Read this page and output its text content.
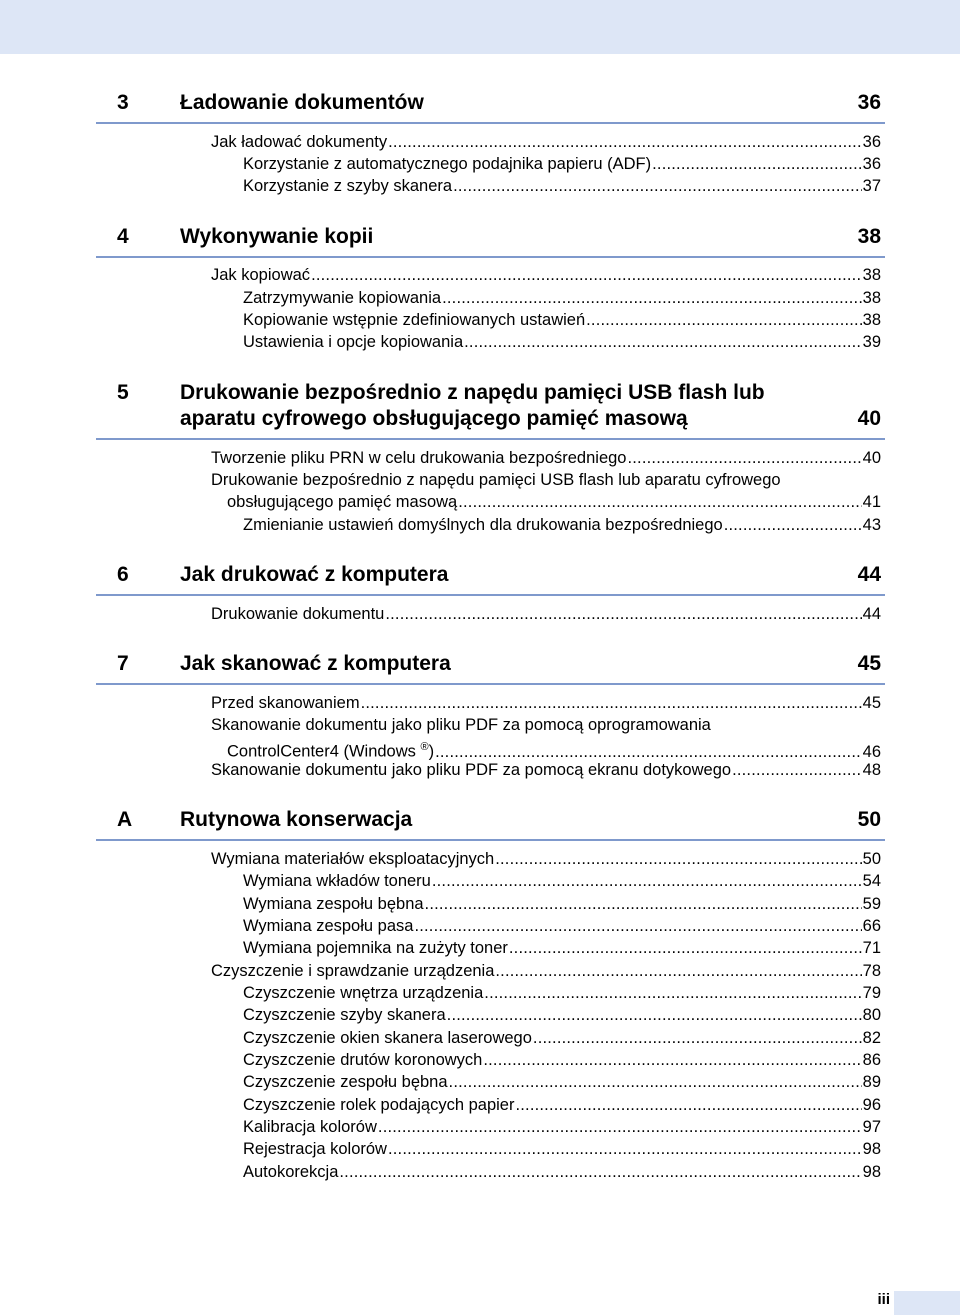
3 Ładowanie dokumentów	36
Jak ładować dokumenty .....	36
Korzystanie z automatycznego podajnika papieru (ADF) .....	36
Korzystanie z szyby skanera .....	37
4 Wykonywanie kopii	38
Jak kopiować .....	38
Zatrzymywanie kopiowania .....	38
Kopiowanie wstępnie zdefiniowanych ustawień .....	38
Ustawienia i opcje kopiowania .....	39
5 Drukowanie bezpośrednio z napędu pamięci USB flash lub
aparatu cyfrowego obsługującego pamięć masową	40
Tworzenie pliku PRN w celu drukowania bezpośredniego .....	40
Drukowanie bezpośrednio z napędu pamięci USB flash lub aparatu cyfrowego
obsługującego pamięć masową .....	41
Zmienianie ustawień domyślnych dla drukowania bezpośredniego .....	43
6 Jak drukować z komputera	44
Drukowanie dokumentu .....	44
7 Jak skanować z komputera	45
Przed skanowaniem .....	45
Skanowanie dokumentu jako pliku PDF za pomocą oprogramowania
ControlCenter4 (Windows ®) .....	46
Skanowanie dokumentu jako pliku PDF za pomocą ekranu dotykowego .....	48
A Rutynowa konserwacja	50
Wymiana materiałów eksploatacyjnych .....	50
Wymiana wkładów toneru .....	54
Wymiana zespołu bębna .....	59
Wymiana zespołu pasa .....	66
Wymiana pojemnika na zużyty toner .....	71
Czyszczenie i sprawdzanie urządzenia .....	78
Czyszczenie wnętrza urządzenia .....	79
Czyszczenie szyby skanera .....	80
Czyszczenie okien skanera laserowego .....	82
Czyszczenie drutów koronowych .....	86
Czyszczenie zespołu bębna .....	89
Czyszczenie rolek podających papier .....	96
Kalibracja kolorów .....	97
Rejestracja kolorów .....	98
Autokorekcja .....	98
iii
